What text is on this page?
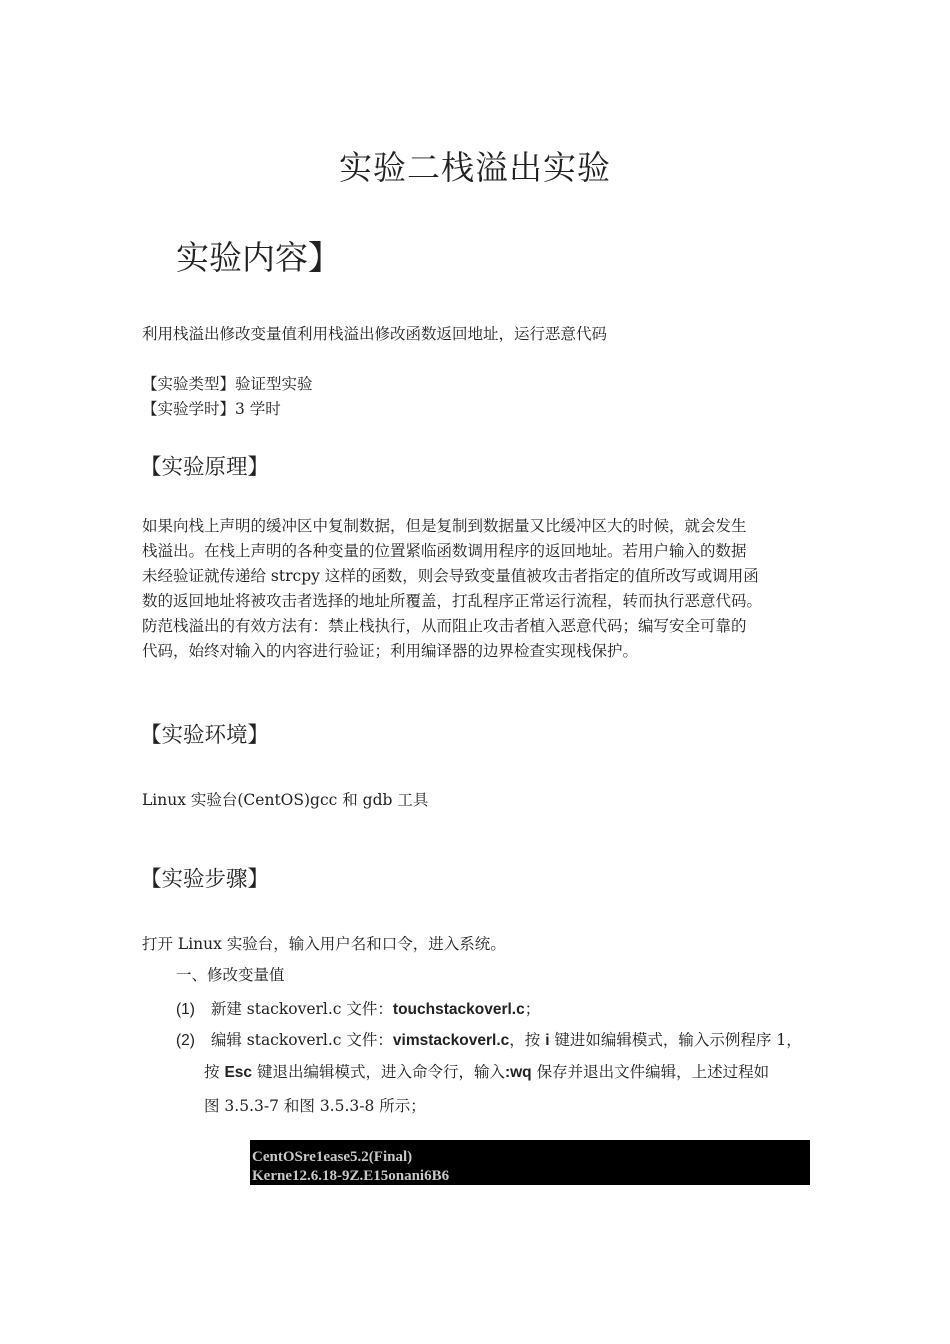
实验二栈溢出实验
实验内容】
利用栈溢出修改变量值利用栈溢出修改函数返回地址，运行恶意代码
【实验类型】验证型实验
【实验学时】3 学时
【实验原理】
如果向栈上声明的缓冲区中复制数据，但是复制到数据量又比缓冲区大的时候，就会发生
栈溢出。在栈上声明的各种变量的位置紧临函数调用程序的返回地址。若用户输入的数据
未经验证就传递给 strcpy 这样的函数，则会导致变量值被攻击者指定的值所改写或调用函
数的返回地址将被攻击者选择的地址所覆盖，打乱程序正常运行流程，转而执行恶意代码。
防范栈溢出的有效方法有：禁止栈执行，从而阻止攻击者植入恶意代码；编写安全可靠的
代码，始终对输入的内容进行验证；利用编译器的边界检查实现栈保护。
【实验环境】
Linux 实验台(CentOS)gcc 和 gdb 工具
【实验步骤】
打开 Linux 实验台，输入用户名和口令，进入系统。
一、修改变量值
(1) 新建 stackoverl.c 文件：touchstackoverl.c；
(2) 编辑 stackoverl.c 文件：vimstackoverl.c，按 i 键进如编辑模式，输入示例程序 1，
按 Esc 键退出编辑模式，进入命令行，输入:wq 保存并退出文件编辑，上述过程如
图 3.5.3-7 和图 3.5.3-8 所示；
CentOSre1ease5.2(Final)
Kerne12.6.18-9Z.E15onani6B6
